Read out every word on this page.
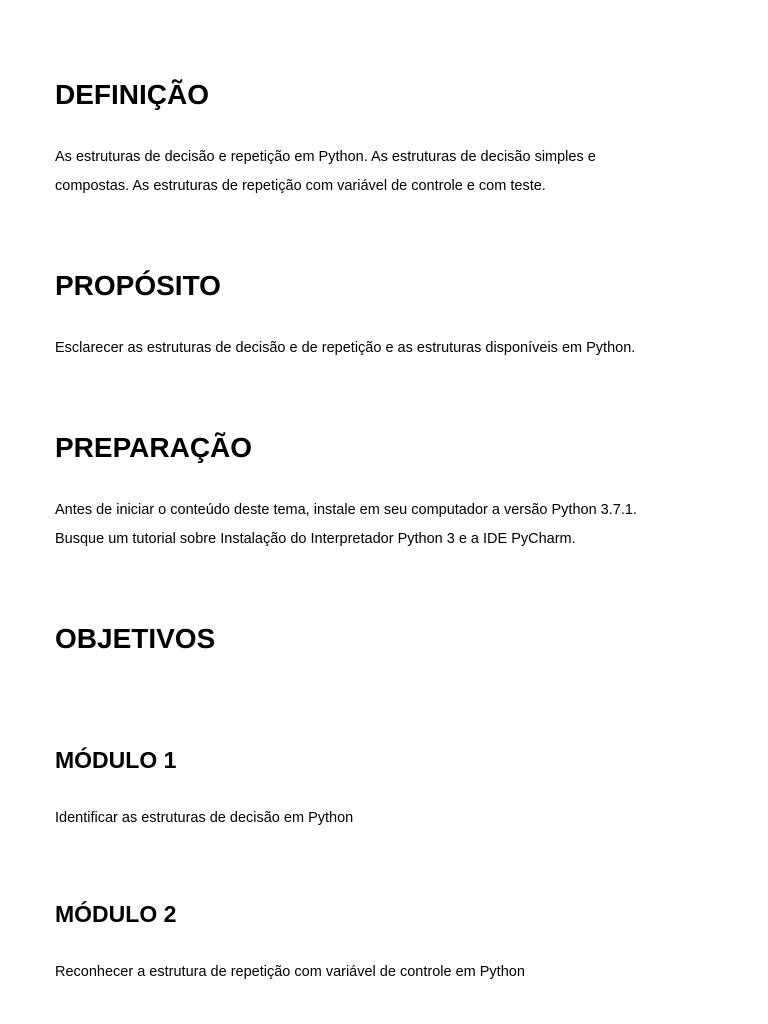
DEFINIÇÃO

As estruturas de decisão e repetição em Python. As estruturas de decisão simples e
compostas. As estruturas de repetição com variável de controle e com teste.

PROPÓSITO

Esclarecer as estruturas de decisão e de repetição e as estruturas disponíveis em Python.

PREPARAÇÃO

Antes de iniciar o conteúdo deste tema, instale em seu computador a versão Python 3.7.1.
Busque um tutorial sobre Instalação do Interpretador Python 3 e a IDE PyCharm.

OBJETIVOS
MÓDULO 1

Identificar as estruturas de decisão em Python

MÓDULO 2

Reconhecer a estrutura de repetição com variável de controle em Python
